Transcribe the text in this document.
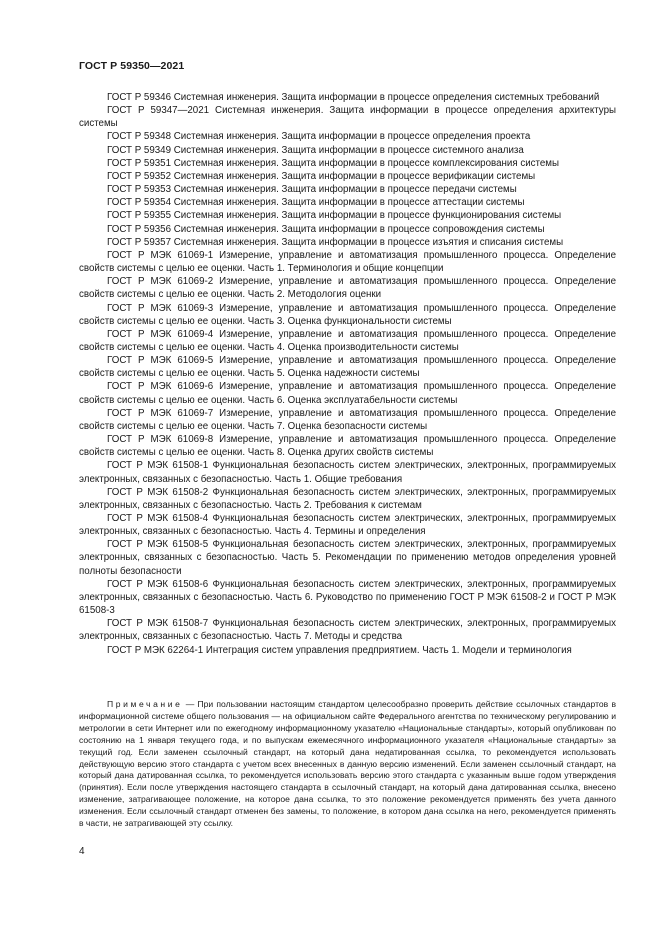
ГОСТ Р 59350—2021

ГОСТ Р 59346 Системная инженерия. Защита информации в процессе определения системных требований

ГОСТ Р 59347—2021 Системная инженерия. Защита информации в процессе определения архитектуры системы

ГОСТ Р 59348 Системная инженерия. Защита информации в процессе определения проекта

ГОСТ Р 59349 Системная инженерия. Защита информации в процессе системного анализа

ГОСТ Р 59351 Системная инженерия. Защита информации в процессе комплексирования системы

ГОСТ Р 59352 Системная инженерия. Защита информации в процессе верификации системы

ГОСТ Р 59353 Системная инженерия. Защита информации в процессе передачи системы

ГОСТ Р 59354 Системная инженерия. Защита информации в процессе аттестации системы

ГОСТ Р 59355 Системная инженерия. Защита информации в процессе функционирования системы

ГОСТ Р 59356 Системная инженерия. Защита информации в процессе сопровождения системы

ГОСТ Р 59357 Системная инженерия. Защита информации в процессе изъятия и списания системы

ГОСТ Р МЭК 61069-1 Измерение, управление и автоматизация промышленного процесса. Определение свойств системы с целью ее оценки. Часть 1. Терминология и общие концепции

ГОСТ Р МЭК 61069-2 Измерение, управление и автоматизация промышленного процесса. Определение свойств системы с целью ее оценки. Часть 2. Методология оценки

ГОСТ Р МЭК 61069-3 Измерение, управление и автоматизация промышленного процесса. Определение свойств системы с целью ее оценки. Часть 3. Оценка функциональности системы

ГОСТ Р МЭК 61069-4 Измерение, управление и автоматизация промышленного процесса. Определение свойств системы с целью ее оценки. Часть 4. Оценка производительности системы

ГОСТ Р МЭК 61069-5 Измерение, управление и автоматизация промышленного процесса. Определение свойств системы с целью ее оценки. Часть 5. Оценка надежности системы

ГОСТ Р МЭК 61069-6 Измерение, управление и автоматизация промышленного процесса. Определение свойств системы с целью ее оценки. Часть 6. Оценка эксплуатабельности системы

ГОСТ Р МЭК 61069-7 Измерение, управление и автоматизация промышленного процесса. Определение свойств системы с целью ее оценки. Часть 7. Оценка безопасности системы

ГОСТ Р МЭК 61069-8 Измерение, управление и автоматизация промышленного процесса. Определение свойств системы с целью ее оценки. Часть 8. Оценка других свойств системы

ГОСТ Р МЭК 61508-1 Функциональная безопасность систем электрических, электронных, программируемых электронных, связанных с безопасностью. Часть 1. Общие требования

ГОСТ Р МЭК 61508-2 Функциональная безопасность систем электрических, электронных, программируемых электронных, связанных с безопасностью. Часть 2. Требования к системам

ГОСТ Р МЭК 61508-4 Функциональная безопасность систем электрических, электронных, программируемых электронных, связанных с безопасностью. Часть 4. Термины и определения

ГОСТ Р МЭК 61508-5 Функциональная безопасность систем электрических, электронных, программируемых электронных, связанных с безопасностью. Часть 5. Рекомендации по применению методов определения уровней полноты безопасности

ГОСТ Р МЭК 61508-6 Функциональная безопасность систем электрических, электронных, программируемых электронных, связанных с безопасностью. Часть 6. Руководство по применению ГОСТ Р МЭК 61508-2 и ГОСТ Р МЭК 61508-3

ГОСТ Р МЭК 61508-7 Функциональная безопасность систем электрических, электронных, программируемых электронных, связанных с безопасностью. Часть 7. Методы и средства

ГОСТ Р МЭК 62264-1 Интеграция систем управления предприятием. Часть 1. Модели и терминология

Примечание — При пользовании настоящим стандартом целесообразно проверить действие ссылочных стандартов в информационной системе общего пользования — на официальном сайте Федерального агентства по техническому регулированию и метрологии в сети Интернет или по ежегодному информационному указателю «Национальные стандарты», который опубликован по состоянию на 1 января текущего года, и по выпускам ежемесячного информационного указателя «Национальные стандарты» за текущий год. Если заменен ссылочный стандарт, на который дана недатированная ссылка, то рекомендуется использовать действующую версию этого стандарта с учетом всех внесенных в данную версию изменений. Если заменен ссылочный стандарт, на который дана датированная ссылка, то рекомендуется использовать версию этого стандарта с указанным выше годом утверждения (принятия). Если после утверждения настоящего стандарта в ссылочный стандарт, на который дана датированная ссылка, внесено изменение, затрагивающее положение, на которое дана ссылка, то это положение рекомендуется применять без учета данного изменения. Если ссылочный стандарт отменен без замены, то положение, в котором дана ссылка на него, рекомендуется применять в части, не затрагивающей эту ссылку.

4
